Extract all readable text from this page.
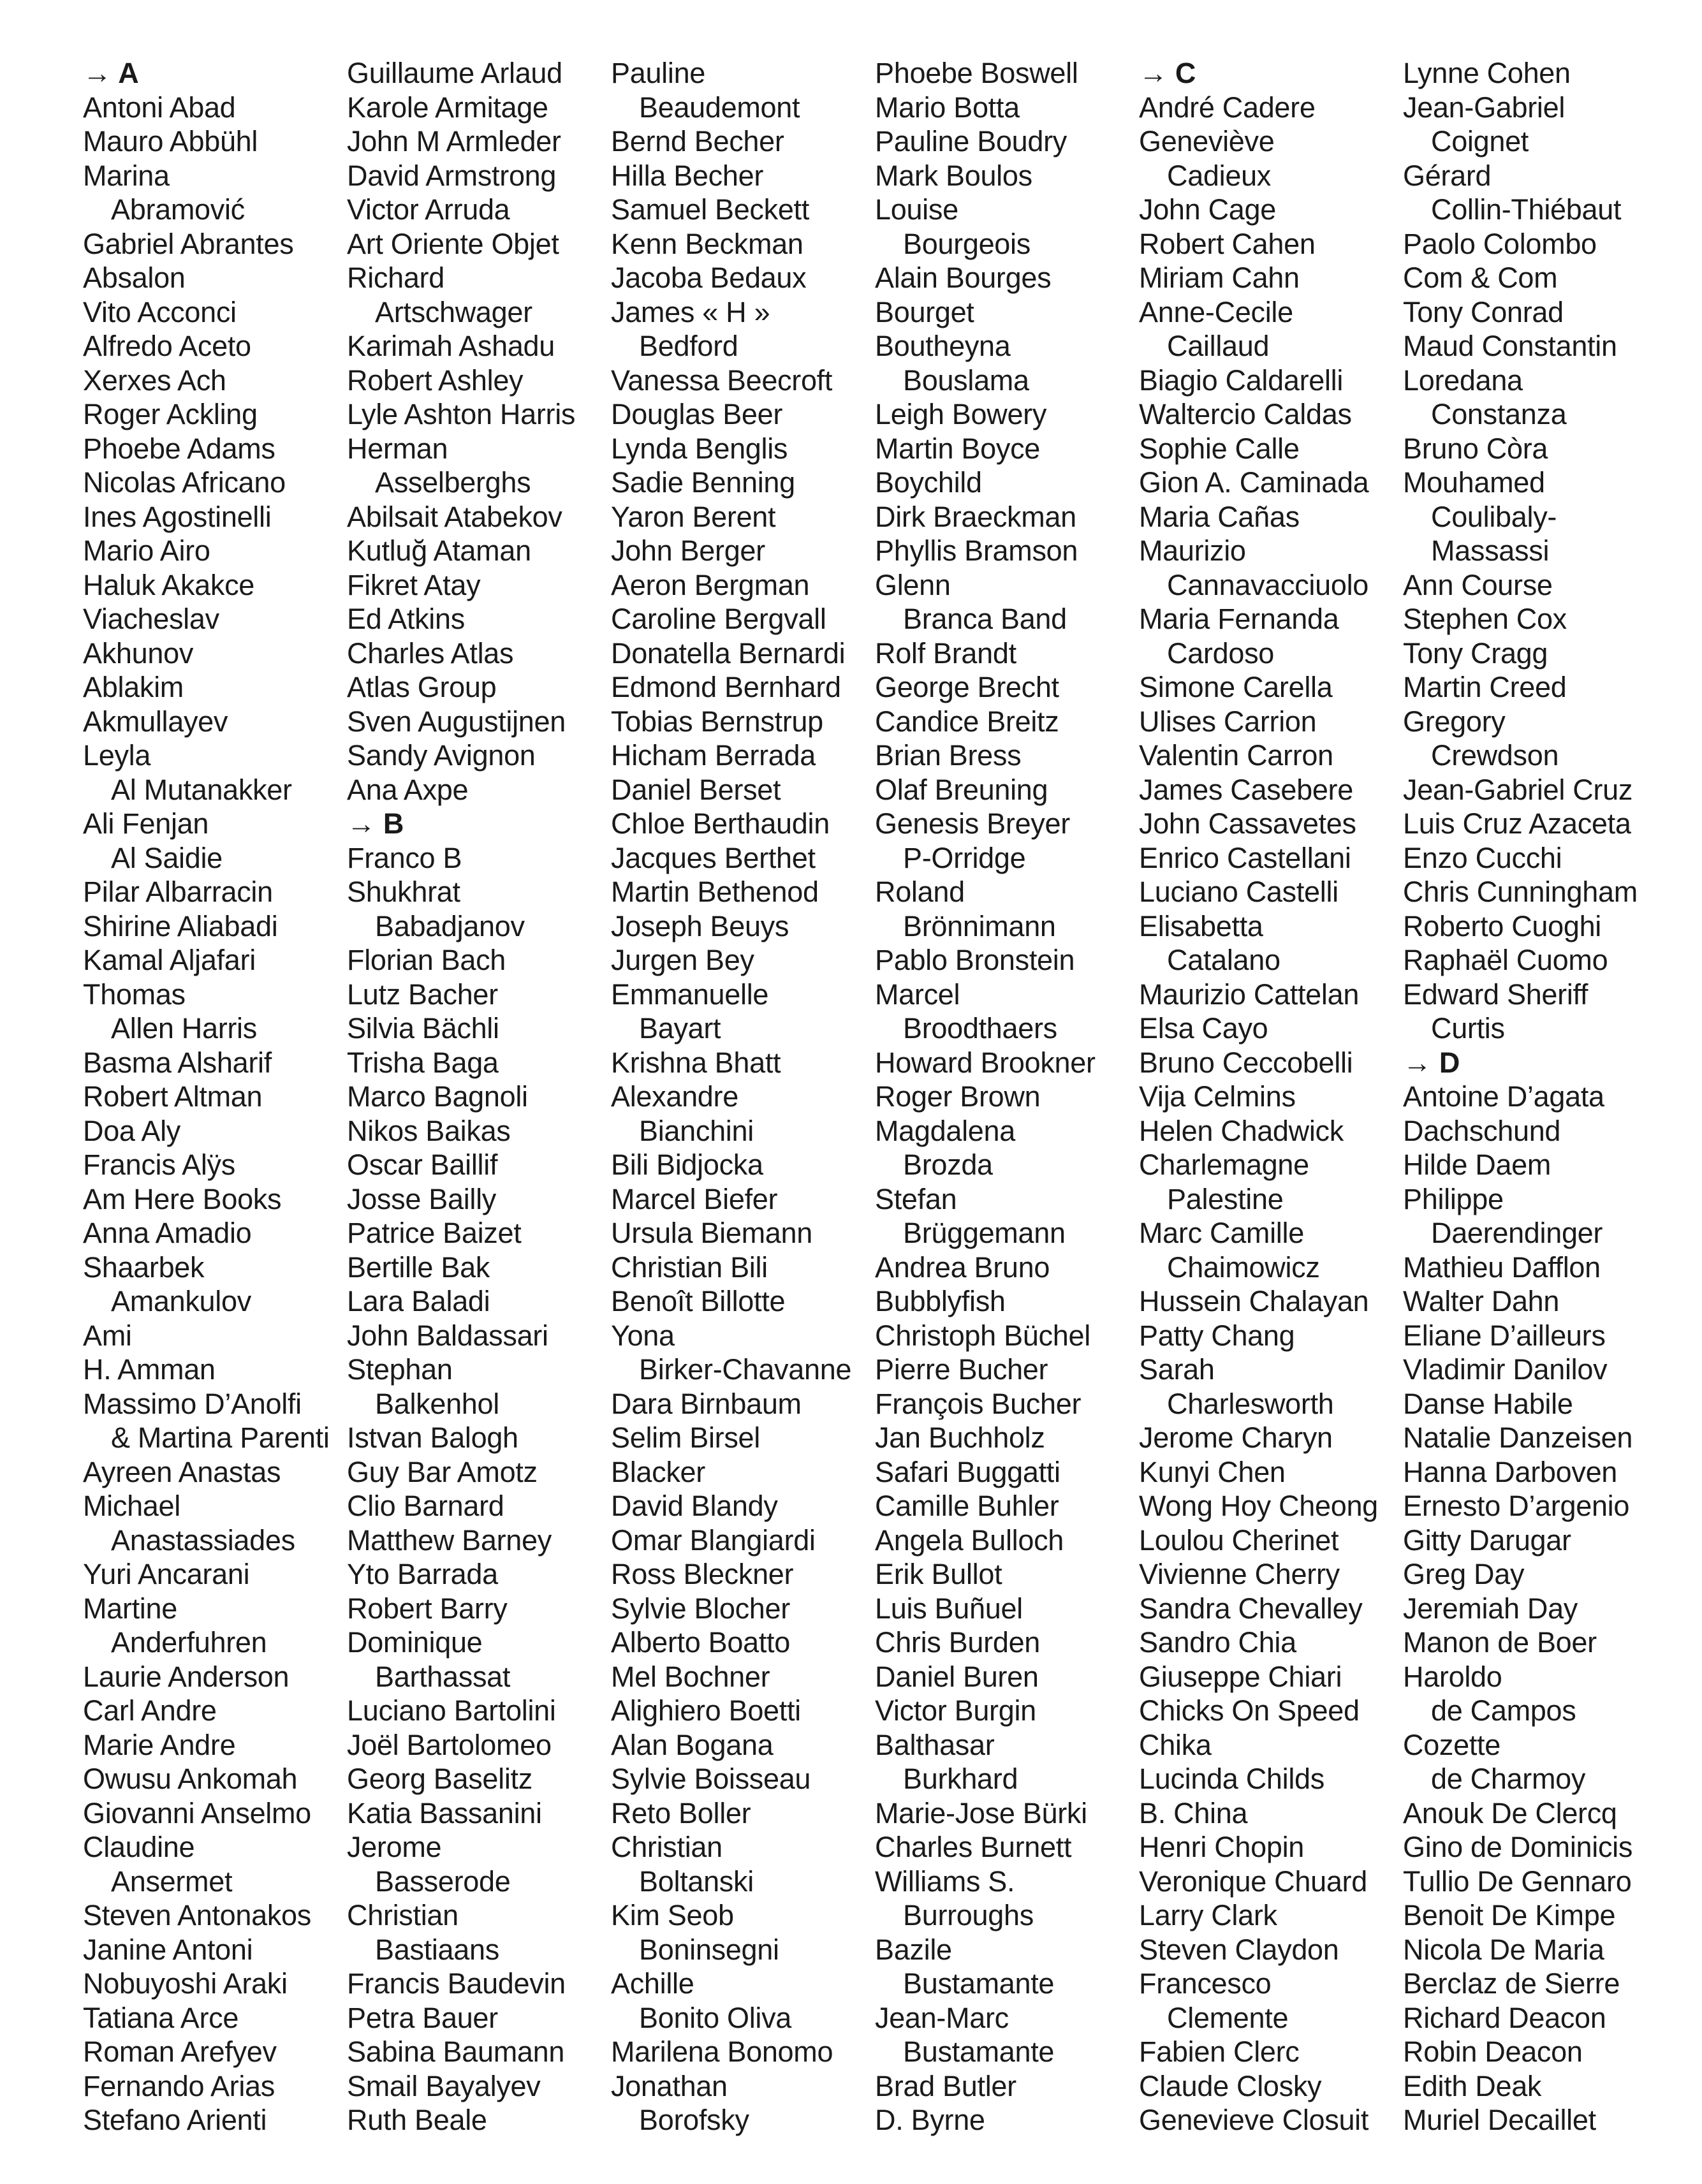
→ A
Antoni Abad
Mauro Abbühl
Marina
Abramović
Gabriel Abrantes
Absalon
Vito Acconci
Alfredo Aceto
Xerxes Ach
Roger Ackling
Phoebe Adams
Nicolas Africano
Ines Agostinelli
Mario Airo
Haluk Akakce
Viacheslav
Akhunov
Ablakim
Akmullayev
Leyla
Al Mutanakker
Ali Fenjan
Al Saidie
Pilar Albarracin
Shirine Aliabadi
Kamal Aljafari
Thomas
Allen Harris
Basma Alsharif
Robert Altman
Doa Aly
Francis Alÿs
Am Here Books
Anna Amadio
Shaarbek
Amankulov
Ami
H. Amman
Massimo D’Anolfi
& Martina Parenti
Ayreen Anastas
Michael
Anastassiades
Yuri Ancarani
Martine
Anderfuhren
Laurie Anderson
Carl Andre
Marie Andre
Owusu Ankomah
Giovanni Anselmo
Claudine
Ansermet
Steven Antonakos
Janine Antoni
Nobuyoshi Araki
Tatiana Arce
Roman Arefyev
Fernando Arias
Stefano Arienti
Guillaume Arlaud
Karole Armitage
John M Armleder
David Armstrong
Victor Arruda
Art Oriente Objet
Richard
Artschwager
Karimah Ashadu
Robert Ashley
Lyle Ashton Harris
Herman
Asselberghs
Abilsait Atabekov
Kutluğ Ataman
Fikret Atay
Ed Atkins
Charles Atlas
Atlas Group
Sven Augustijnen
Sandy Avignon
Ana Axpe
→ B
Franco B
Shukhrat
Babadjanov
Florian Bach
Lutz Bacher
Silvia Bächli
Trisha Baga
Marco Bagnoli
Nikos Baikas
Oscar Baillif
Josse Bailly
Patrice Baizet
Bertille Bak
Lara Baladi
John Baldassari
Stephan
Balkenhol
Istvan Balogh
Guy Bar Amotz
Clio Barnard
Matthew Barney
Yto Barrada
Robert Barry
Dominique
Barthassat
Luciano Bartolini
Joël Bartolomeo
Georg Baselitz
Katia Bassanini
Jerome
Basserode
Christian
Bastiaans
Francis Baudevin
Petra Bauer
Sabina Baumann
Smail Bayalyev
Ruth Beale
Pauline
Beaudemont
Bernd Becher
Hilla Becher
Samuel Beckett
Kenn Beckman
Jacoba Bedaux
James « H »
Bedford
Vanessa Beecroft
Douglas Beer
Lynda Benglis
Sadie Benning
Yaron Berent
John Berger
Aeron Bergman
Caroline Bergvall
Donatella Bernardi
Edmond Bernhard
Tobias Bernstrup
Hicham Berrada
Daniel Berset
Chloe Berthaudin
Jacques Berthet
Martin Bethenod
Joseph Beuys
Jurgen Bey
Emmanuelle
Bayart
Krishna Bhatt
Alexandre
Bianchini
Bili Bidjocka
Marcel Biefer
Ursula Biemann
Christian Bili
Benoît Billotte
Yona
Birker-Chavanne
Dara Birnbaum
Selim Birsel
Blacker
David Blandy
Omar Blangiardi
Ross Bleckner
Sylvie Blocher
Alberto Boatto
Mel Bochner
Alighiero Boetti
Alan Bogana
Sylvie Boisseau
Reto Boller
Christian
Boltanski
Kim Seob
Boninsegni
Achille
Bonito Oliva
Marilena Bonomo
Jonathan
Borofsky
Phoebe Boswell
Mario Botta
Pauline Boudry
Mark Boulos
Louise
Bourgeois
Alain Bourges
Bourget
Boutheyna
Bouslama
Leigh Bowery
Martin Boyce
Boychild
Dirk Braeckman
Phyllis Bramson
Glenn
Branca Band
Rolf Brandt
George Brecht
Candice Breitz
Brian Bress
Olaf Breuning
Genesis Breyer
P-Orridge
Roland
Brönnimann
Pablo Bronstein
Marcel
Broodthaers
Howard Brookner
Roger Brown
Magdalena
Brozda
Stefan
Brüggemann
Andrea Bruno
Bubblyfish
Christoph Büchel
Pierre Bucher
François Bucher
Jan Buchholz
Safari Buggatti
Camille Buhler
Angela Bulloch
Erik Bullot
Luis Buñuel
Chris Burden
Daniel Buren
Victor Burgin
Balthasar
Burkhard
Marie-Jose Bürki
Charles Burnett
Williams S.
Burroughs
Bazile
Bustamante
Jean-Marc
Bustamante
Brad Butler
D. Byrne
→ C
André Cadere
Geneviève
Cadieux
John Cage
Robert Cahen
Miriam Cahn
Anne-Cecile
Caillaud
Biagio Caldarelli
Waltercio Caldas
Sophie Calle
Gion A. Caminada
Maria Cañas
Maurizio
Cannavacciuolo
Maria Fernanda
Cardoso
Simone Carella
Ulises Carrion
Valentin Carron
James Casebere
John Cassavetes
Enrico Castellani
Luciano Castelli
Elisabetta
Catalano
Maurizio Cattelan
Elsa Cayo
Bruno Ceccobelli
Vija Celmins
Helen Chadwick
Charlemagne
Palestine
Marc Camille
Chaimowicz
Hussein Chalayan
Patty Chang
Sarah
Charlesworth
Jerome Charyn
Kunyi Chen
Wong Hoy Cheong
Loulou Cherinet
Vivienne Cherry
Sandra Chevalley
Sandro Chia
Giuseppe Chiari
Chicks On Speed
Chika
Lucinda Childs
B. China
Henri Chopin
Veronique Chuard
Larry Clark
Steven Claydon
Francesco
Clemente
Fabien Clerc
Claude Closky
Genevieve Closuit
Lynne Cohen
Jean-Gabriel
Coignet
Gérard
Collin-Thiébaut
Paolo Colombo
Com & Com
Tony Conrad
Maud Constantin
Loredana
Constanza
Bruno Còra
Mouhamed
Coulibaly-
Massassi
Ann Course
Stephen Cox
Tony Cragg
Martin Creed
Gregory
Crewdson
Jean-Gabriel Cruz
Luis Cruz Azaceta
Enzo Cucchi
Chris Cunningham
Roberto Cuoghi
Raphaël Cuomo
Edward Sheriff
Curtis
→ D
Antoine D’agata
Dachschund
Hilde Daem
Philippe
Daerendinger
Mathieu Dafflon
Walter Dahn
Eliane D’ailleurs
Vladimir Danilov
Danse Habile
Natalie Danzeisen
Hanna Darboven
Ernesto D’argenio
Gitty Darugar
Greg Day
Jeremiah Day
Manon de Boer
Haroldo
de Campos
Cozette
de Charmoy
Anouk De Clercq
Gino de Dominicis
Tullio De Gennaro
Benoit De Kimpe
Nicola De Maria
Berclaz de Sierre
Richard Deacon
Robin Deacon
Edith Deak
Muriel Decaillet
